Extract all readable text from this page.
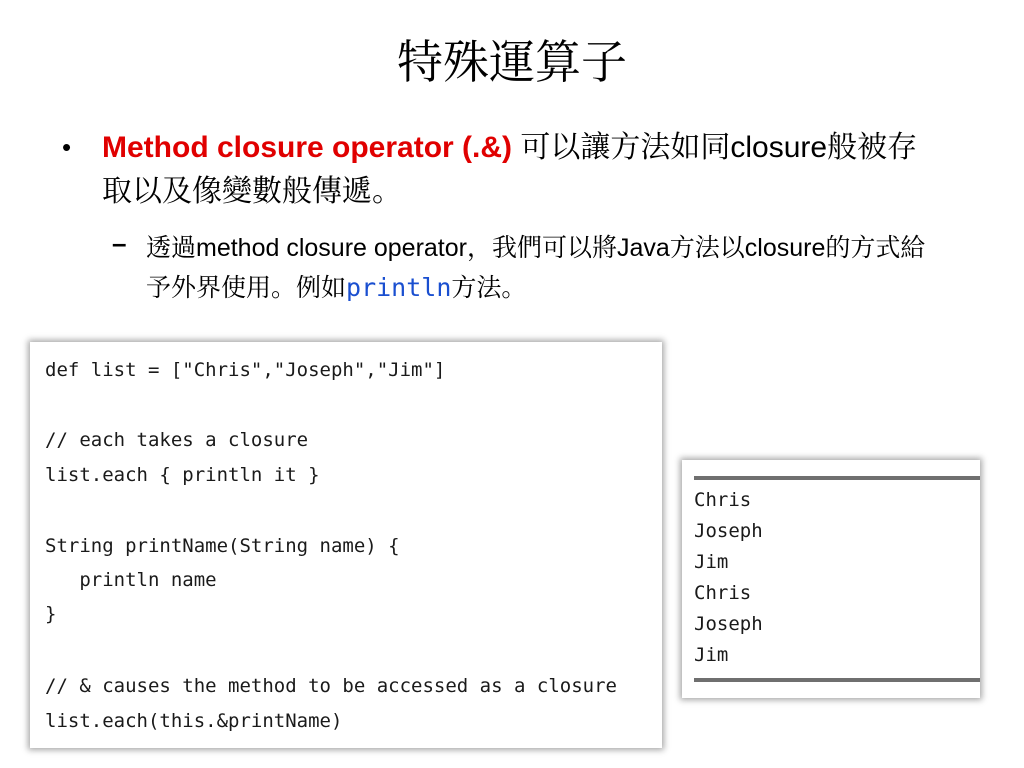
特殊運算子
• Method closure operator (.&) 可以讓方法如同closure般被存取以及像變數般傳遞。
– 透過method closure operator，我們可以將Java方法以closure的方式給予外界使用。例如println方法。
def list = ["Chris","Joseph","Jim"]
// each takes a closure
list.each { println it }
String printName(String name) {
println name
}
// & causes the method to be accessed as a closure
list.each(this.&printName)
Chris
Joseph
Jim
Chris
Joseph
Jim
